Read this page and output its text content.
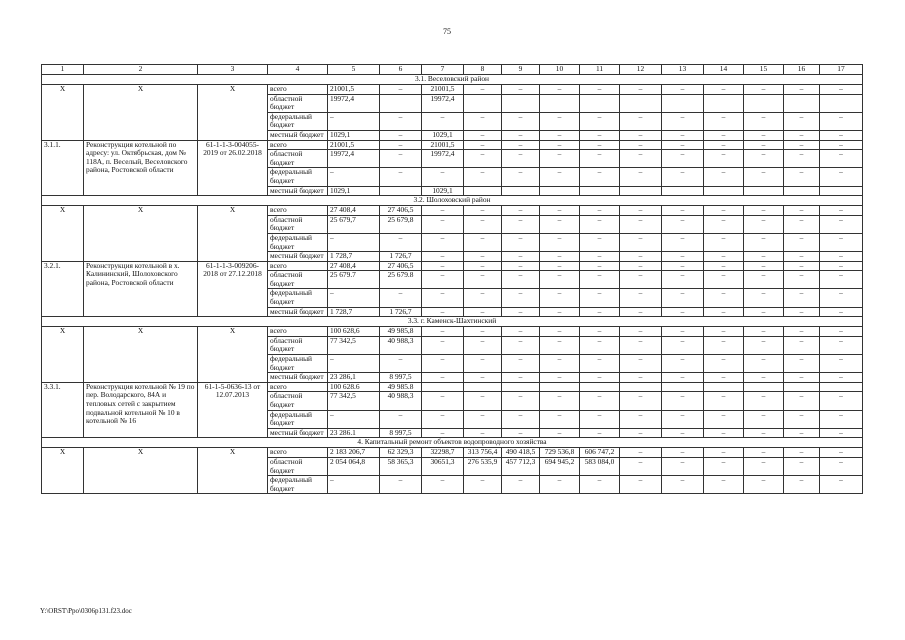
75
1	2	3	4	5	6	7	8	9	10	11	12	13	14	15	16	17
3.1. Веселовский район																
X	X	X	всего	21001,5	–	21001,5	–	–	–	–	–	–	–	–	–	–
			областной бюджет	19972,4		19972,4										
			федеральный бюджет	–	–	–	–	–	–	–	–	–	–	–	–	–
			местный бюджет	1029,1	–	1029,1	–	–	–	–	–	–	–	–	–	–
3.1.1.	Реконструкция котельной по адресу: ул. Октябрьская, дом № 118А, п. Веселый, Веселовского района, Ростовской области	61-1-1-3-004055-2019 от 26.02.2018	всего	21001,5	–	21001,5	–	–	–	–	–	–	–	–	–	–
			областной бюджет	19972,4	–	19972,4	–	–	–	–	–	–	–	–	–	–
			федеральный бюджет	–	–	–	–	–	–	–	–	–	–	–	–	–
			местный бюджет	1029,1		1029,1										
3.2. Шолоховский район																
X	X	X	всего	27 408,4	27 406,5	–	–	–	–	–	–	–	–	–	–	–
			областной бюджет	25 679,7	25 679,8	–	–	–	–	–	–	–	–	–	–	–
			федеральный бюджет	–	–	–	–	–	–	–	–	–	–	–	–	–
			местный бюджет	1 728,7	1 726,7	–	–	–	–	–	–	–	–	–	–	–
3.2.1.	Реконструкция котельной в х. Калининский, Шолоховского района, Ростовской области	61-1-1-3-009206-2018 от 27.12.2018	всего	27 408,4	27 406,5	–	–	–	–	–	–	–	–	–	–	–
			областной бюджет	25 679.7	25 679.8	–	–	–	–	–	–	–	–	–	–	–
			федеральный бюджет	–	–	–	–	–	–	–	–	–	–	–	–	–
			местный бюджет	1 728,7	1 726,7	–	–	–	–	–	–	–	–	–	–	–
3.3. г. Каменск-Шахтинский																
X	X	X	всего	100 628,6	49 985,8	–	–	–	–	–	–	–	–	–	–	–
			областной бюджет	77 342,5	40 988,3	–	–	–	–	–	–	–	–	–	–	–
			федеральный бюджет	–	–	–	–	–	–	–	–	–	–	–	–	–
			местный бюджет	23 286,1	8 997,5	–	–	–	–	–	–	–	–	–	–	–
3.3.1.	Реконструкция котельной № 19 по пер. Володарского, 84А и тепловых сетей с закрытием подвальной котельной № 10 в котельной № 16	61-1-5-0636-13 от 12.07.2013	всего	100 628.6	49 985.8											
			областной бюджет	77 342,5	40 988,3	–	–	–	–	–	–	–	–	–	–	–
			федеральный бюджет	–	–	–	–	–	–	–	–	–	–	–	–	–
			местный бюджет	23 286.1	8 997,5	–	–	–	–	–	–	–	–	–	–	–
4. Капитальный ремонт объектов водопроводного хозяйства																
X	X	X	всего	2 183 206,7	62 329,3	32298,7	313 756,4	490 418,5	729 536,8	606 747,2	–	–	–	–	–	–
			областной бюджет	2 054 064,8	58 365,3	30651,3	276 535,9	457 712,3	694 945,2	583 084,0	–	–	–	–	–	–
			федеральный бюджет	–	–	–	–	–	–	–	–	–	–	–	–	–
Y:\ORST\Ppo\0306p131.f23.doc
